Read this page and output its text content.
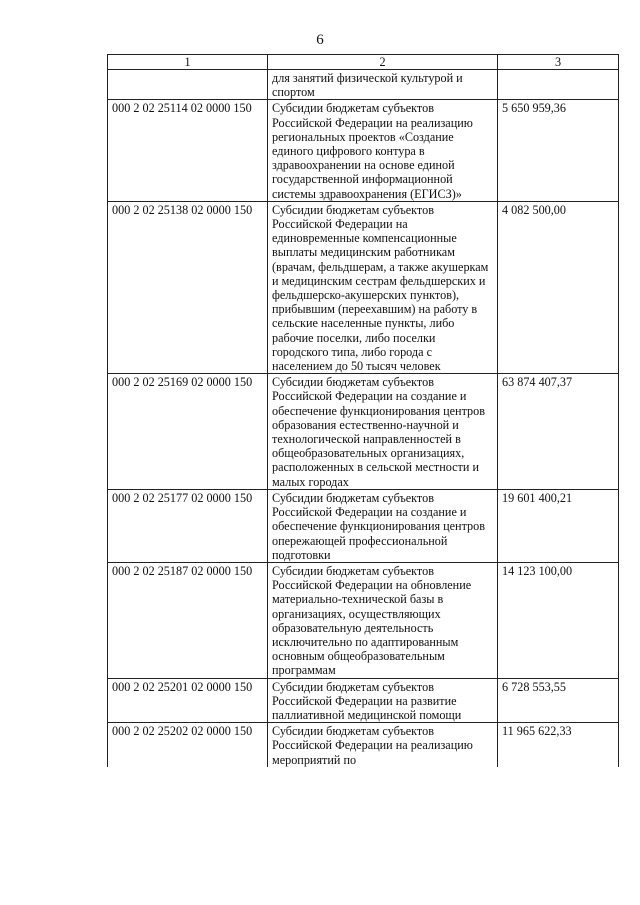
6
1	2	3
	для занятий физической культурой и спортом	
000 2 02 25114 02 0000 150	Субсидии бюджетам субъектов Российской Федерации на реализацию региональных проектов «Создание единого цифрового контура в здравоохранении на основе единой государственной информационной системы здравоохранения (ЕГИСЗ)»	5 650 959,36
000 2 02 25138 02 0000 150	Субсидии бюджетам субъектов Российской Федерации на единовременные компенсационные выплаты медицинским работникам (врачам, фельдшерам, а также акушеркам и медицинским сестрам фельдшерских и фельдшерско-акушерских пунктов), прибывшим (переехавшим) на работу в сельские населенные пункты, либо рабочие поселки, либо поселки городского типа, либо города с населением до 50 тысяч человек	4 082 500,00
000 2 02 25169 02 0000 150	Субсидии бюджетам субъектов Российской Федерации на создание и обеспечение функционирования центров образования естественно-научной и технологической направленностей в общеобразовательных организациях, расположенных в сельской местности и малых городах	63 874 407,37
000 2 02 25177 02 0000 150	Субсидии бюджетам субъектов Российской Федерации на создание и обеспечение функционирования центров опережающей профессиональной подготовки	19 601 400,21
000 2 02 25187 02 0000 150	Субсидии бюджетам субъектов Российской Федерации на обновление материально-технической базы в организациях, осуществляющих образовательную деятельность исключительно по адаптированным основным общеобразовательным программам	14 123 100,00
000 2 02 25201 02 0000 150	Субсидии бюджетам субъектов Российской Федерации на развитие паллиативной медицинской помощи	6 728 553,55
000 2 02 25202 02 0000 150	Субсидии бюджетам субъектов Российской Федерации на реализацию мероприятий по	11 965 622,33
